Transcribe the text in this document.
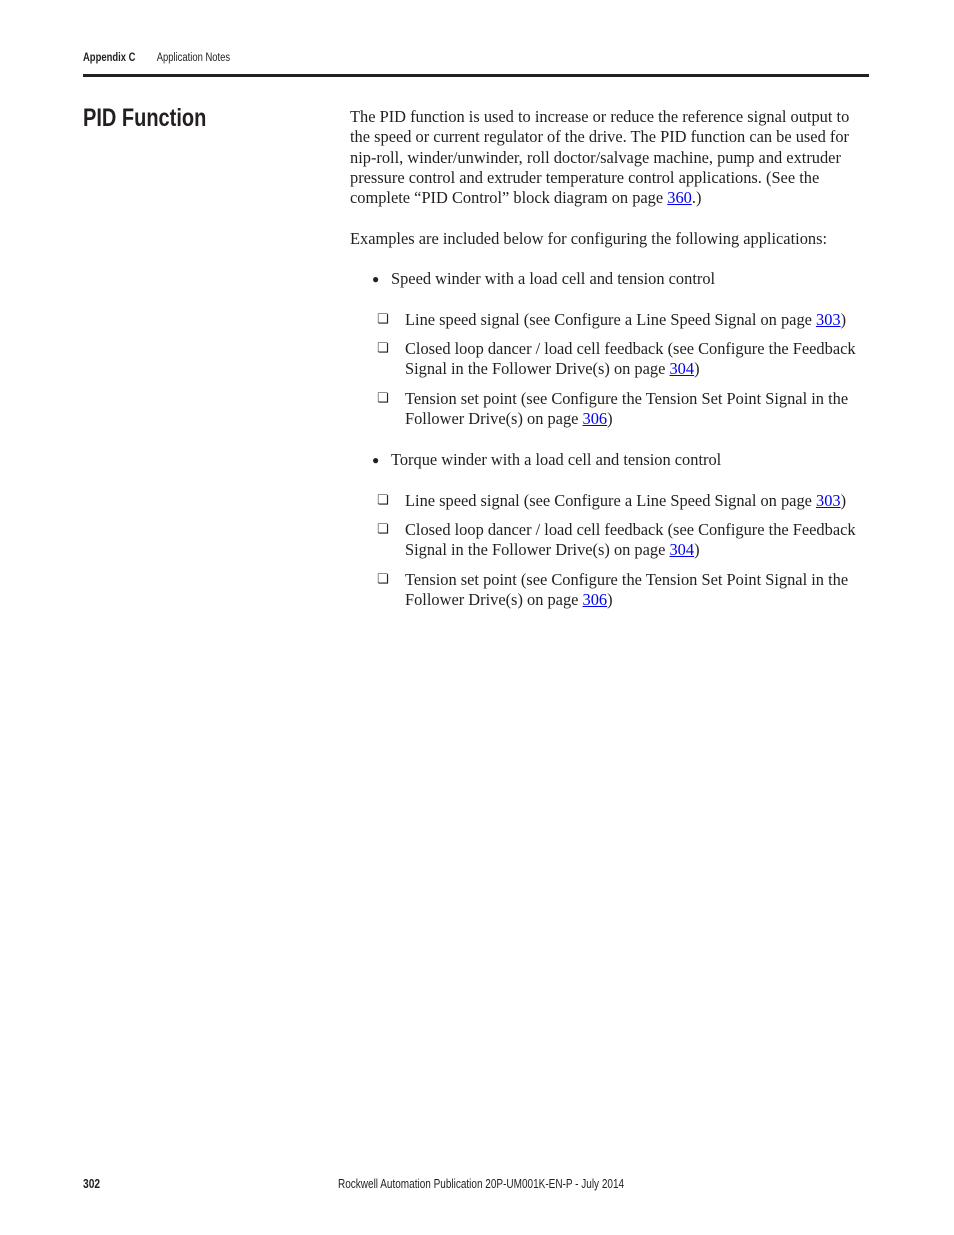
Appendix C Application Notes
PID Function	The PID function is used to increase or reduce the reference signal output to the speed or current regulator of the drive. The PID function can be used for nip-roll, winder/unwinder, roll doctor/salvage machine, pump and extruder pressure control and extruder temperature control applications. (See the complete “PID Control” block diagram on page 360.)

Examples are included below for configuring the following applications:

● Speed winder with a load cell and tension control
❏ Line speed signal (see Configure a Line Speed Signal on page 303)
❏ Closed loop dancer / load cell feedback (see Configure the Feedback Signal in the Follower Drive(s) on page 304)
❏ Tension set point (see Configure the Tension Set Point Signal in the Follower Drive(s) on page 306)
● Torque winder with a load cell and tension control
❏ Line speed signal (see Configure a Line Speed Signal on page 303)
❏ Closed loop dancer / load cell feedback (see Configure the Feedback Signal in the Follower Drive(s) on page 304)
❏ Tension set point (see Configure the Tension Set Point Signal in the Follower Drive(s) on page 306)
302	Rockwell Automation Publication 20P-UM001K-EN-P - July 2014
